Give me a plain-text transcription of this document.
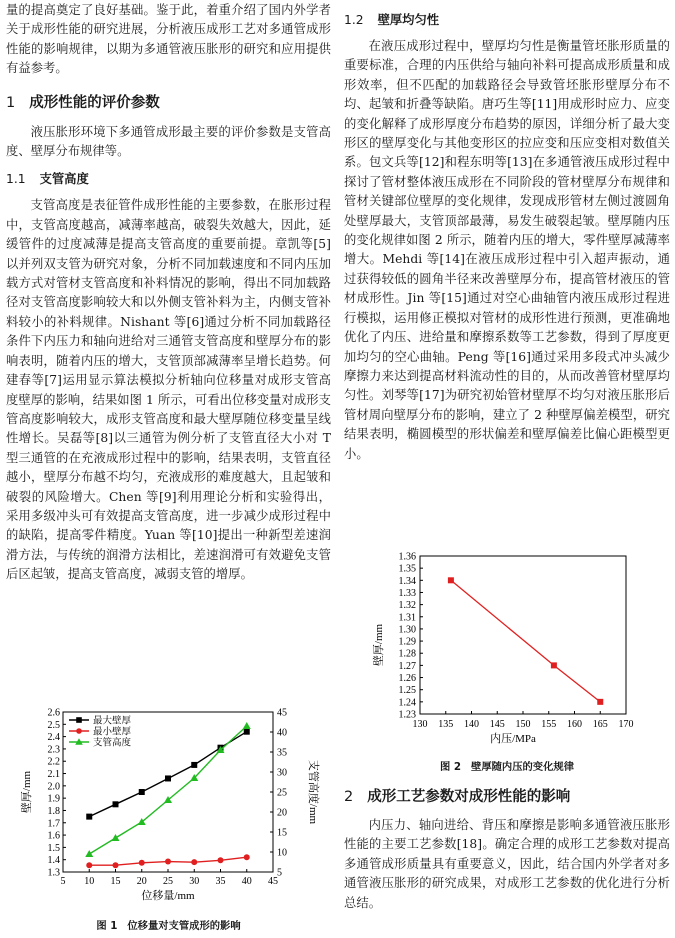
量的提高奠定了良好基础。鉴于此，着重介绍了国内外学者关于成形性能的研究进展，分析液压成形工艺对多通管成形性能的影响规律，以期为多通管液压胀形的研究和应用提供有益参考。

1 成形性能的评价参数

液压胀形环境下多通管成形最主要的评价参数是支管高度、壁厚分布规律等。

1.1 支管高度

支管高度是表征管件成形性能的主要参数，在胀形过程中，支管高度越高，减薄率越高，破裂失效越大，因此，延缓管件的过度减薄是提高支管高度的重要前提。章凯等[5]以并列双支管为研究对象，分析不同加载速度和不同内压加载方式对管材支管高度和补料情况的影响，得出不同加载路径对支管高度影响较大和以外侧支管补料为主，内侧支管补料较小的补料规律。Nishant 等[6]通过分析不同加载路径条件下内压力和轴向进给对三通管支管高度和壁厚分布的影响表明，随着内压的增大，支管顶部减薄率呈增长趋势。何建春等[7]运用显示算法模拟分析轴向位移量对成形支管高度壁厚的影响，结果如图 1 所示，可看出位移变量对成形支管高度影响较大，成形支管高度和最大壁厚随位移变量呈线性增长。吴磊等[8]以三通管为例分析了支管直径大小对 T 型三通管的在充液成形过程中的影响，结果表明，支管直径越小，壁厚分布越不均匀，充液成形的难度越大，且起皱和破裂的风险增大。Chen 等[9]利用理论分析和实验得出，采用多级冲头可有效提高支管高度，进一步减少成形过程中的缺陷，提高零件精度。Yuan 等[10]提出一种新型差速润滑方法，与传统的润滑方法相比，差速润滑可有效避免支管后区起皱，提高支管高度，减弱支管的增厚。

5 10 15 20 25 30 35 40 45
1.3
1.4
1.5
1.6
1.7
1.8
1.9
2.0
2.1
2.2
2.3
2.4
2.5
2.6
5
10
15
20
25
30
35
40
45
位移量/mm
壁厚/mm	支管高度/mm
最大壁厚
最小壁厚
支管高度
图 1 位移量对支管成形的影响
1.2 壁厚均匀性

在液压成形过程中，壁厚均匀性是衡量管坯胀形质量的重要标准，合理的内压供给与轴向补料可提高成形质量和成形效率，但不匹配的加载路径会导致管坯胀形壁厚分布不均、起皱和折叠等缺陷。唐巧生等[11]用成形时应力、应变的变化解释了成形厚度分布趋势的原因，详细分析了最大变形区的壁厚变化与其他变形区的拉应变和压应变相对数值关系。包文兵等[12]和程东明等[13]在多通管液压成形过程中探讨了管材整体液压成形在不同阶段的管材壁厚分布规律和管材关键部位壁厚的变化规律，发现成形管材左侧过渡圆角处壁厚最大，支管顶部最薄，易发生破裂起皱。壁厚随内压的变化规律如图 2 所示，随着内压的增大，零件壁厚减薄率增大。Mehdi 等[14]在液压成形过程中引入超声振动，通过获得较低的圆角半径来改善壁厚分布，提高管材液压的管材成形性。Jin 等[15]通过对空心曲轴管内液压成形过程进行模拟，运用修正模拟对管材的成形性进行预测，更准确地优化了内压、进给量和摩擦系数等工艺参数，得到了厚度更加均匀的空心曲轴。Peng 等[16]通过采用多段式冲头减少摩擦力来达到提高材料流动性的目的，从而改善管材壁厚均匀性。刘琴等[17]为研究初始管材壁厚不均匀对液压胀形后管材周向壁厚分布的影响，建立了 2 种壁厚偏差模型，研究结果表明，椭圆模型的形状偏差和壁厚偏差比偏心距模型更小。

130 135 140 145 150 155 160 165 170
1.23
1.24
1.25
1.26
1.27
1.28
1.29
1.30
1.31
1.32
1.33
1.34
1.35
1.36
内压/MPa
壁厚/mm
图 2 壁厚随内压的变化规律
2 成形工艺参数对成形性能的影响

内压力、轴向进给、背压和摩擦是影响多通管液压胀形性能的主要工艺参数[18]。确定合理的成形工艺参数对提高多通管成形质量具有重要意义，因此，结合国内外学者对多通管液压胀形的研究成果，对成形工艺参数的优化进行分析总结。
